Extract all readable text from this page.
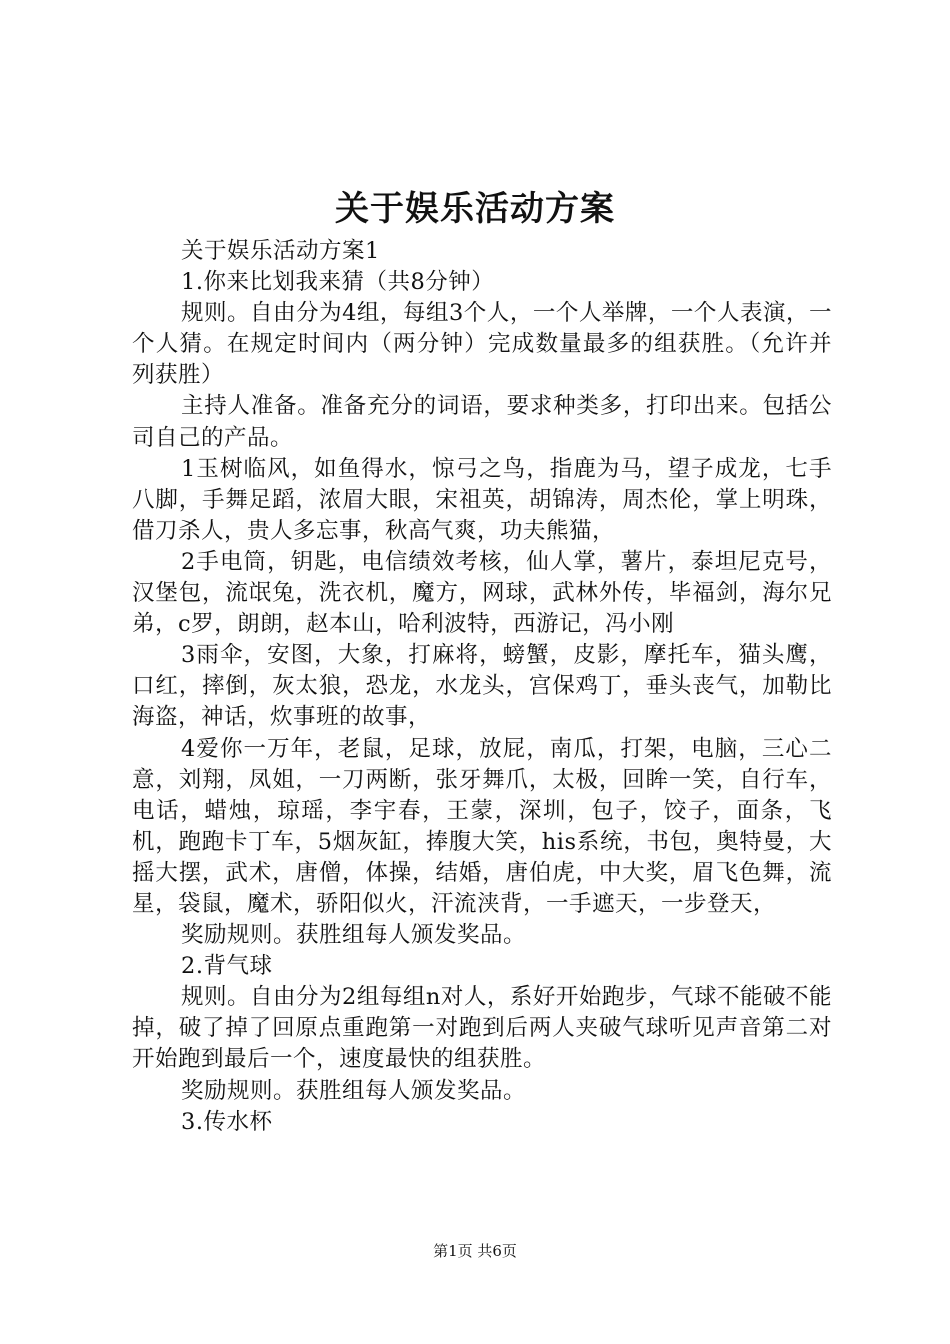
关于娱乐活动方案

关于娱乐活动方案1

1.你来比划我来猜（共8分钟）

规则。自由分为4组，每组3个人，一个人举牌，一个人表演，一个人猜。在规定时间内（两分钟）完成数量最多的组获胜。（允许并列获胜）

主持人准备。准备充分的词语，要求种类多，打印出来。包括公司自己的产品。

1玉树临风，如鱼得水，惊弓之鸟，指鹿为马，望子成龙，七手八脚，手舞足蹈，浓眉大眼，宋祖英，胡锦涛，周杰伦，掌上明珠，借刀杀人，贵人多忘事，秋高气爽，功夫熊猫，

2手电筒，钥匙，电信绩效考核，仙人掌，薯片，泰坦尼克号，汉堡包，流氓兔，洗衣机，魔方，网球，武林外传，毕福剑，海尔兄弟，c罗，朗朗，赵本山，哈利波特，西游记，冯小刚

3雨伞，安图，大象，打麻将，螃蟹，皮影，摩托车，猫头鹰，口红，摔倒，灰太狼，恐龙，水龙头，宫保鸡丁，垂头丧气，加勒比海盗，神话，炊事班的故事，

4爱你一万年，老鼠，足球，放屁，南瓜，打架，电脑，三心二意，刘翔，凤姐，一刀两断，张牙舞爪，太极，回眸一笑，自行车，电话，蜡烛，琼瑶，李宇春，王蒙，深圳，包子，饺子，面条，飞机，跑跑卡丁车，5烟灰缸，捧腹大笑，his系统，书包，奥特曼，大摇大摆，武术，唐僧，体操，结婚，唐伯虎，中大奖，眉飞色舞，流星，袋鼠，魔术，骄阳似火，汗流浃背，一手遮天，一步登天，

奖励规则。获胜组每人颁发奖品。

2.背气球

规则。自由分为2组每组n对人，系好开始跑步，气球不能破不能掉，破了掉了回原点重跑第一对跑到后两人夹破气球听见声音第二对开始跑到最后一个，速度最快的组获胜。

奖励规则。获胜组每人颁发奖品。

3.传水杯

第1页 共6页
